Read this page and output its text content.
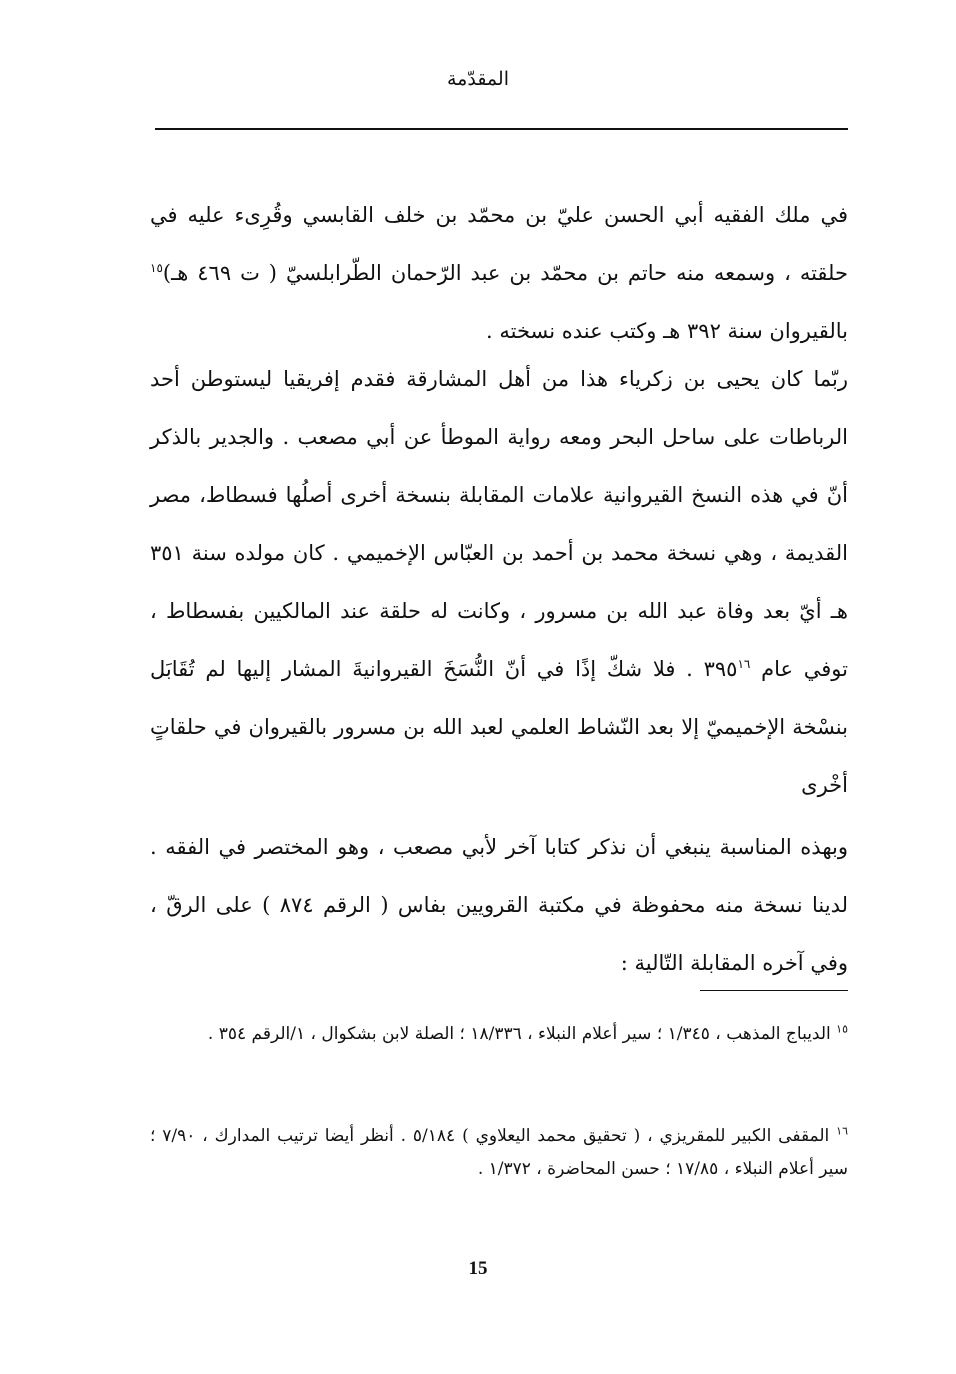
المقدّمة

في ملك الفقيه أبي الحسن عليّ بن محمّد بن خلف القابسي وقُرِىء عليه في حلقته ، وسمعه منه حاتم بن محمّد بن عبد الرّحمان الطّرابلسيّ ( ت ٤٦٩ هـ)$^{١٥}$ بالقيروان سنة ٣٩٢ هـ وكتب عنده نسخته .

ربّما كان يحيى بن زكرياء هذا من أهل المشارقة فقدم إفريقيا ليستوطن أحد الرباطات على ساحل البحر ومعه رواية الموطأ عن أبي مصعب . والجدير بالذكر أنّ في هذه النسخ القيروانية علامات المقابلة بنسخة أخرى أصلُها فسطاط، مصر القديمة ، وهي نسخة محمد بن أحمد بن العبّاس الإخميمي . كان مولده سنة ٣٥١ هـ أيّ بعد وفاة عبد الله بن مسرور ، وكانت له حلقة عند المالكيين بفسطاط ، توفي عام $٣٩٥^{١٦}$ . فلا شكّ إذًا في أنّ النُّسَخَ القيروانيةَ المشار إليها لم تُقَابَل بنسْخة الإخميميّ إلا بعد النّشاط العلمي لعبد الله بن مسرور بالقيروان في حلقاتٍ أخْرى

وبهذه المناسبة ينبغي أن نذكر كتابا آخر لأبي مصعب ، وهو المختصر في الفقه . لدينا نسخة منه محفوظة في مكتبة القرويين بفاس ( الرقم ٨٧٤ ) على الرقّ ، وفي آخره المقابلة التّالية :

$^{١٥}$ الديباج المذهب ، ١/٣٤٥ ؛ سير أعلام النبلاء ، ١٨/٣٣٦ ؛ الصلة لابن بشكوال ، ١/الرقم ٣٥٤ .

$^{١٦}$ المقفى الكبير للمقريزي ، ( تحقيق محمد اليعلاوي ) ٥/١٨٤ . أنظر أيضا ترتيب المدارك ، ٧/٩٠ ؛ سير أعلام النبلاء ، ١٧/٨٥ ؛ حسن المحاضرة ، ١/٣٧٢ .

15
